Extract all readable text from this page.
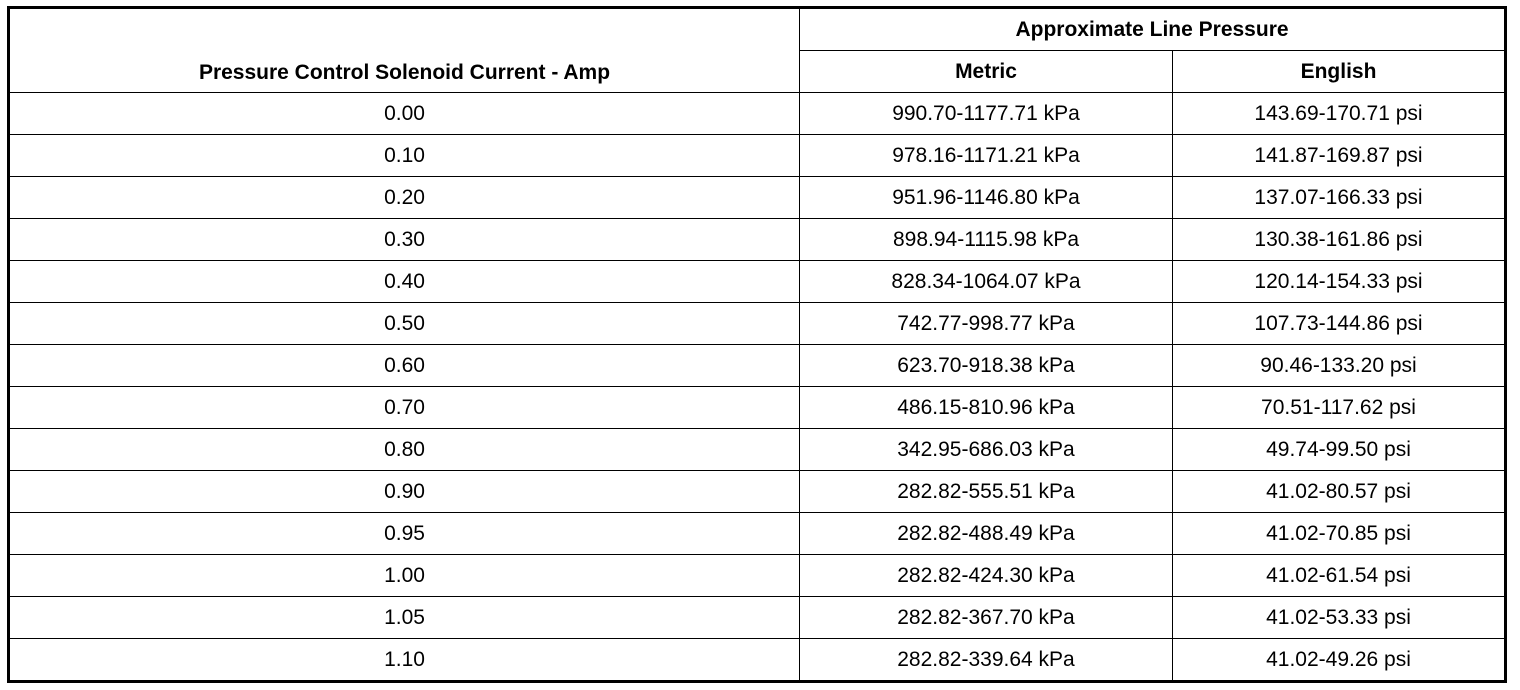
Pressure Control Solenoid Current - Amp	Approximate Line Pressure	
	Metric	English
0.00	990.70-1177.71 kPa	143.69-170.71 psi
0.10	978.16-1171.21 kPa	141.87-169.87 psi
0.20	951.96-1146.80 kPa	137.07-166.33 psi
0.30	898.94-1115.98 kPa	130.38-161.86 psi
0.40	828.34-1064.07 kPa	120.14-154.33 psi
0.50	742.77-998.77 kPa	107.73-144.86 psi
0.60	623.70-918.38 kPa	90.46-133.20 psi
0.70	486.15-810.96 kPa	70.51-117.62 psi
0.80	342.95-686.03 kPa	49.74-99.50 psi
0.90	282.82-555.51 kPa	41.02-80.57 psi
0.95	282.82-488.49 kPa	41.02-70.85 psi
1.00	282.82-424.30 kPa	41.02-61.54 psi
1.05	282.82-367.70 kPa	41.02-53.33 psi
1.10	282.82-339.64 kPa	41.02-49.26 psi
